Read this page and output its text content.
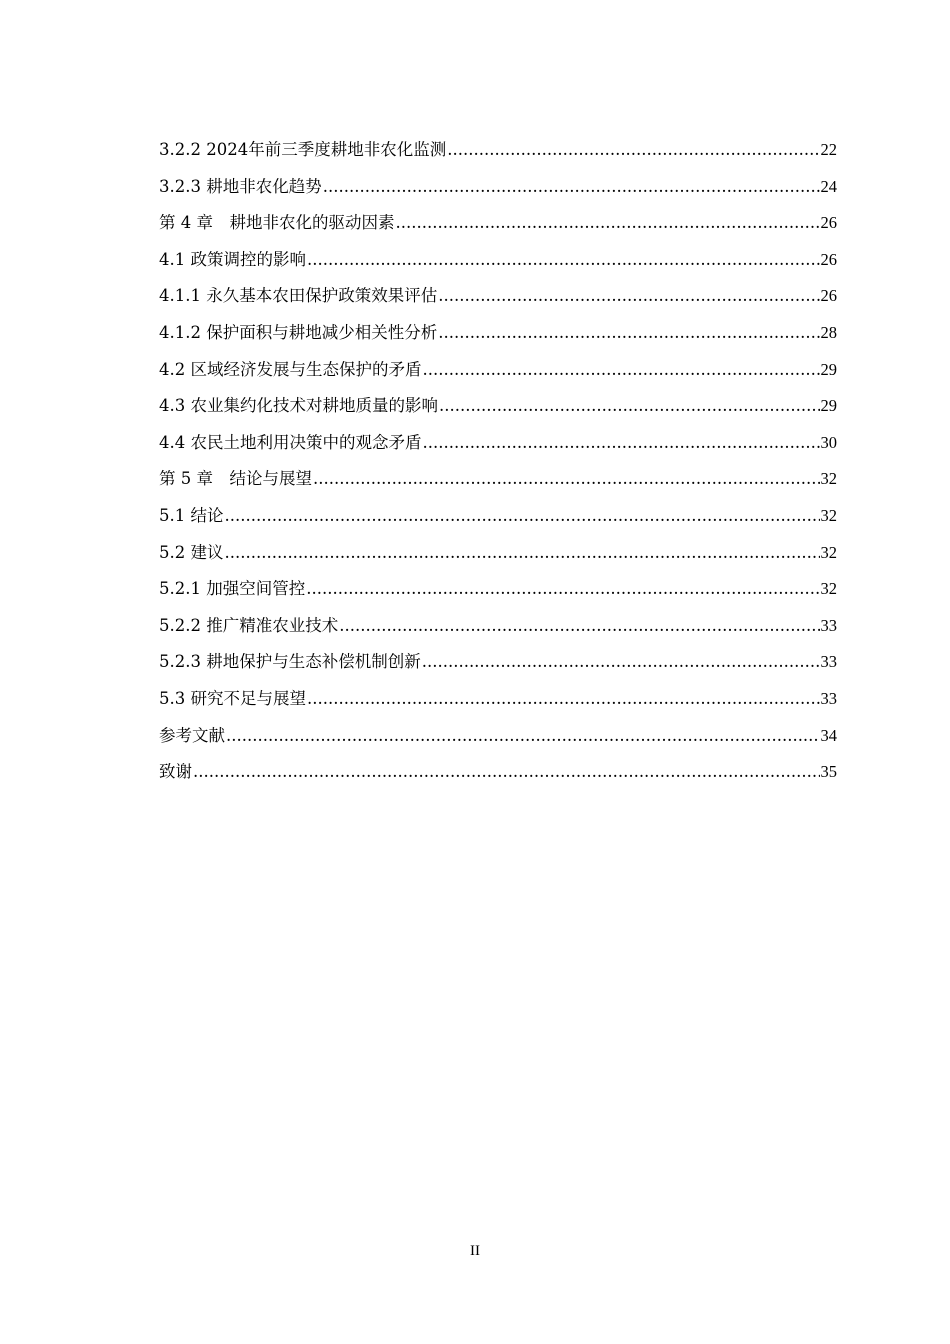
3.2.2 2024年前三季度耕地非农化监测 .....	22
3.2.3 耕地非农化趋势 .....	24
第 4 章　耕地非农化的驱动因素 .....	26
4.1 政策调控的影响 .....	26
4.1.1 永久基本农田保护政策效果评估 .....	26
4.1.2 保护面积与耕地减少相关性分析 .....	28
4.2 区域经济发展与生态保护的矛盾 .....	29
4.3 农业集约化技术对耕地质量的影响 .....	29
4.4 农民土地利用决策中的观念矛盾 .....	30
第 5 章　结论与展望 .....	32
5.1 结论 .....	32
5.2 建议 .....	32
5.2.1 加强空间管控 .....	32
5.2.2 推广精准农业技术 .....	33
5.2.3 耕地保护与生态补偿机制创新 .....	33
5.3 研究不足与展望 .....	33
参考文献 .....	34
致谢 .....	35
II
